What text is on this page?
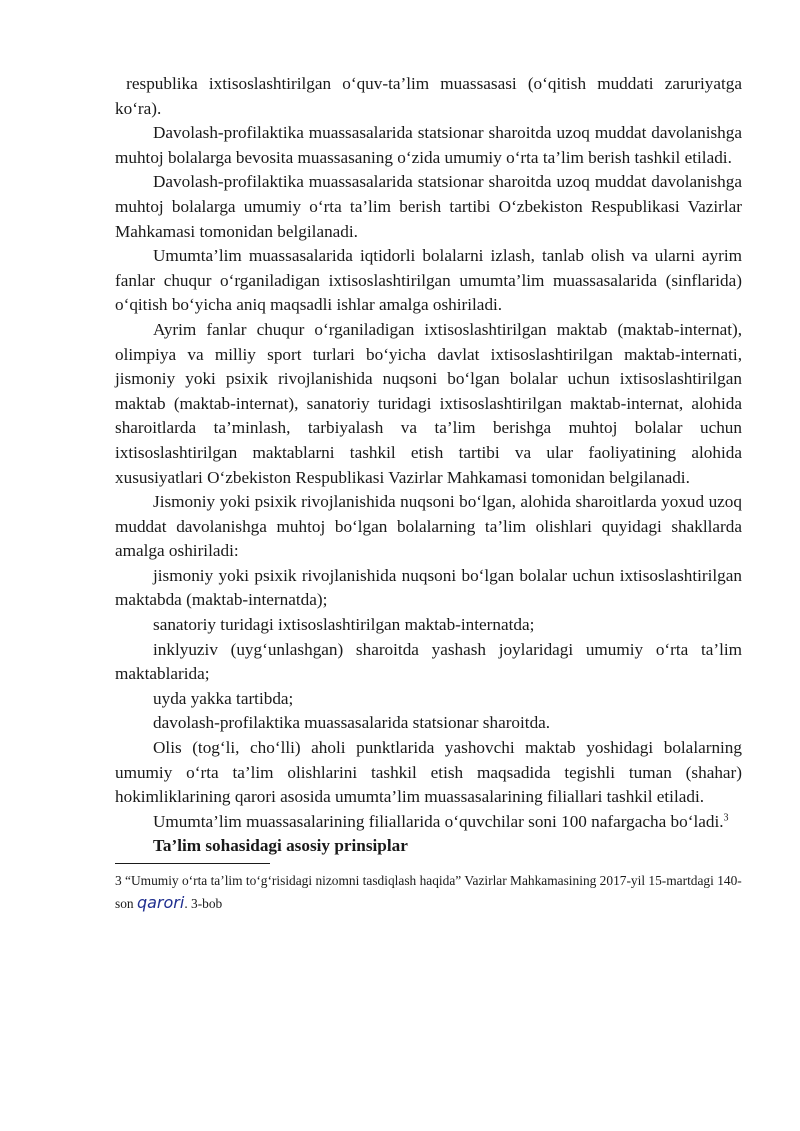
respublika ixtisoslashtirilgan o‘quv-ta’lim muassasasi (o‘qitish muddati zaruriyatga ko‘ra).

Davolash-profilaktika muassasalarida statsionar sharoitda uzoq muddat davolanishga muhtoj bolalarga bevosita muassasaning o‘zida umumiy o‘rta ta’lim berish tashkil etiladi.

Davolash-profilaktika muassasalarida statsionar sharoitda uzoq muddat davolanishga muhtoj bolalarga umumiy o‘rta ta’lim berish tartibi O‘zbekiston Respublikasi Vazirlar Mahkamasi tomonidan belgilanadi.

Umumta’lim muassasalarida iqtidorli bolalarni izlash, tanlab olish va ularni ayrim fanlar chuqur o‘rganiladigan ixtisoslashtirilgan umumta’lim muassasalarida (sinflarida) o‘qitish bo‘yicha aniq maqsadli ishlar amalga oshiriladi.

Ayrim fanlar chuqur o‘rganiladigan ixtisoslashtirilgan maktab (maktab-internat), olimpiya va milliy sport turlari bo‘yicha davlat ixtisoslashtirilgan maktab-internati, jismoniy yoki psixik rivojlanishida nuqsoni bo‘lgan bolalar uchun ixtisoslashtirilgan maktab (maktab-internat), sanatoriy turidagi ixtisoslashtirilgan maktab-internat, alohida sharoitlarda ta’minlash, tarbiyalash va ta’lim berishga muhtoj bolalar uchun ixtisoslashtirilgan maktablarni tashkil etish tartibi va ular faoliyatining alohida xususiyatlari O‘zbekiston Respublikasi Vazirlar Mahkamasi tomonidan belgilanadi.

Jismoniy yoki psixik rivojlanishida nuqsoni bo‘lgan, alohida sharoitlarda yoxud uzoq muddat davolanishga muhtoj bo‘lgan bolalarning ta’lim olishlari quyidagi shakllarda amalga oshiriladi:

jismoniy yoki psixik rivojlanishida nuqsoni bo‘lgan bolalar uchun ixtisoslashtirilgan maktabda (maktab-internatda);

sanatoriy turidagi ixtisoslashtirilgan maktab-internatda;

inklyuziv (uyg‘unlashgan) sharoitda yashash joylaridagi umumiy o‘rta ta’lim maktablarida;

uyda yakka tartibda;

davolash-profilaktika muassasalarida statsionar sharoitda.

Olis (tog‘li, cho‘lli) aholi punktlarida yashovchi maktab yoshidagi bolalarning umumiy o‘rta ta’lim olishlarini tashkil etish maqsadida tegishli tuman (shahar) hokimliklarining qarori asosida umumta’lim muassasalarining filiallari tashkil etiladi.

Umumta’lim muassasalarining filiallarida o‘quvchilar soni 100 nafargacha bo‘ladi.$^3$

Ta’lim sohasidagi asosiy prinsiplar

3 “Umumiy o‘rta ta’lim to‘g‘risidagi nizomni tasdiqlash haqida” Vazirlar Mahkamasining 2017-yil 15-martdagi 140-son qarori. 3-bob
